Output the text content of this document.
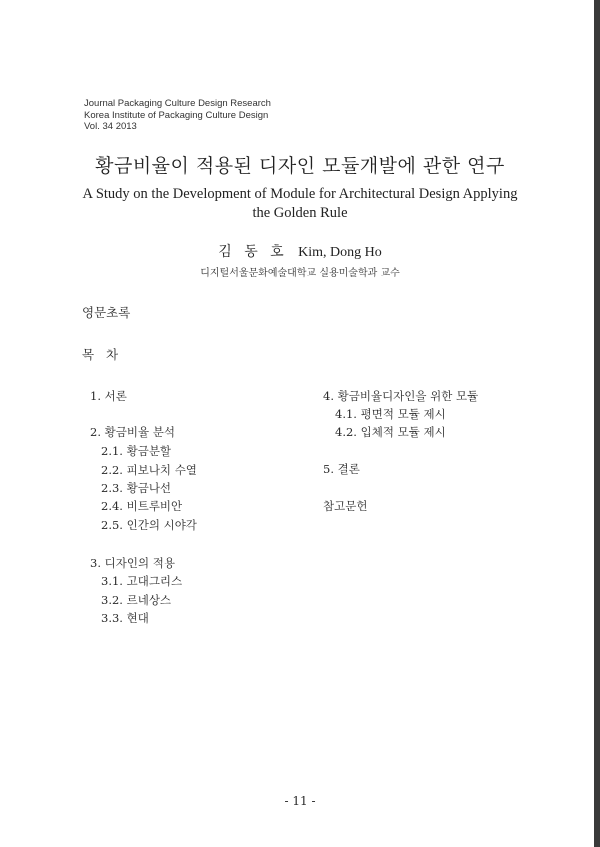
Journal Packaging Culture Design Research
Korea Institute of Packaging Culture Design
Vol. 34 2013
황금비율이 적용된 디자인 모듈개발에 관한 연구
A Study on the Development of Module for Architectural Design Applying the Golden Rule
김 동 호 Kim, Dong Ho
디지털서울문화예술대학교 실용미술학과 교수
영문초록
목 차
1. 서론
2. 황금비율 분석
2.1. 황금분할
2.2. 피보나치 수열
2.3. 황금나선
2.4. 비트루비안
2.5. 인간의 시야각
3. 디자인의 적용
3.1. 고대그리스
3.2. 르네상스
3.3. 현대
4. 황금비율디자인을 위한 모듈
4.1. 평면적 모듈 제시
4.2. 입체적 모듈 제시
5. 결론
참고문헌
- 11 -
